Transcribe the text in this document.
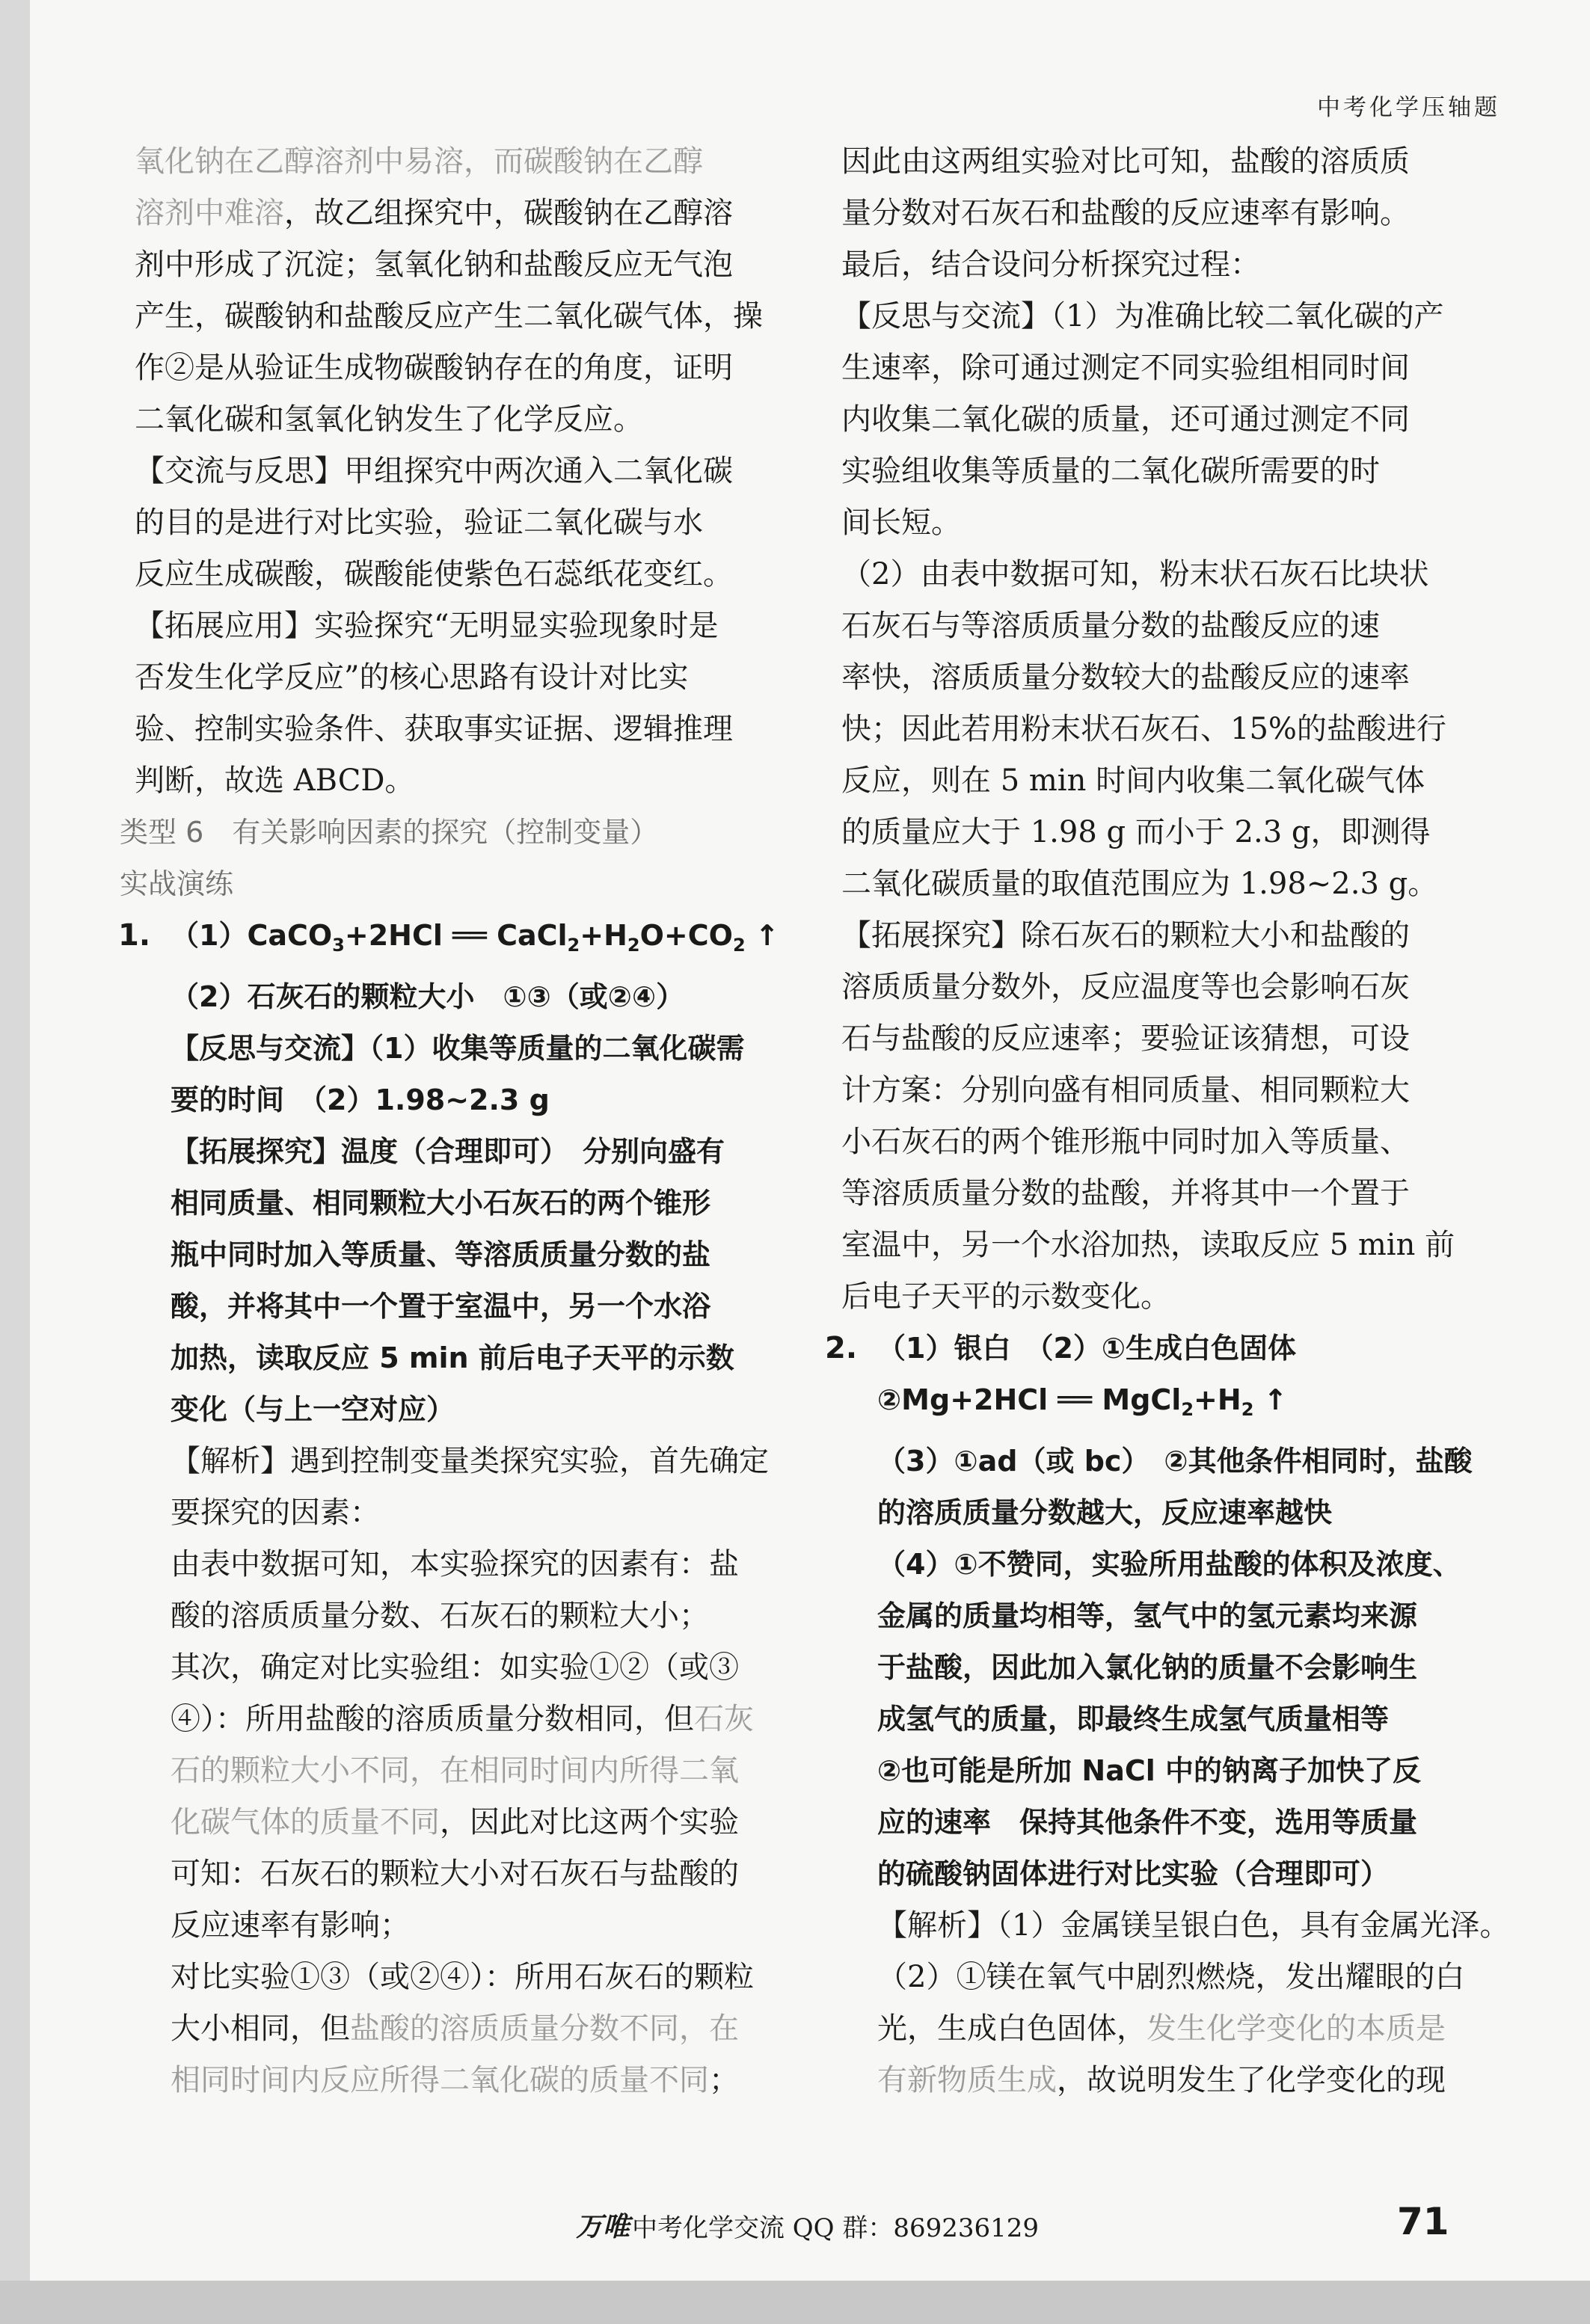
中考化学压轴题

氧化钠在乙醇溶剂中易溶，而碳酸钠在乙醇

溶剂中难溶，故乙组探究中，碳酸钠在乙醇溶

剂中形成了沉淀；氢氧化钠和盐酸反应无气泡

产生，碳酸钠和盐酸反应产生二氧化碳气体，操

作②是从验证生成物碳酸钠存在的角度，证明

二氧化碳和氢氧化钠发生了化学反应。

【交流与反思】甲组探究中两次通入二氧化碳

的目的是进行对比实验，验证二氧化碳与水

反应生成碳酸，碳酸能使紫色石蕊纸花变红。

【拓展应用】实验探究“无明显实验现象时是

否发生化学反应”的核心思路有设计对比实

验、控制实验条件、获取事实证据、逻辑推理

判断，故选 ABCD。

类型 6　有关影响因素的探究（控制变量）

实战演练

1. （1）CaCO$_3$+2HCl ══ $CaCl_2+H_2O+CO_2$ ↑

（2）石灰石的颗粒大小　①③（或②④）

【反思与交流】（1）收集等质量的二氧化碳需

要的时间　（2）1.98~2.3 g

【拓展探究】温度（合理即可）　分别向盛有

相同质量、相同颗粒大小石灰石的两个锥形

瓶中同时加入等质量、等溶质质量分数的盐

酸，并将其中一个置于室温中，另一个水浴

加热，读取反应 5 min 前后电子天平的示数

变化（与上一空对应）

【解析】遇到控制变量类探究实验，首先确定

要探究的因素：

由表中数据可知，本实验探究的因素有：盐

酸的溶质质量分数、石灰石的颗粒大小；

其次，确定对比实验组：如实验①②（或③

④）：所用盐酸的溶质质量分数相同，但石灰

石的颗粒大小不同，在相同时间内所得二氧

化碳气体的质量不同，因此对比这两个实验

可知：石灰石的颗粒大小对石灰石与盐酸的

反应速率有影响；

对比实验①③（或②④）：所用石灰石的颗粒

大小相同，但盐酸的溶质质量分数不同，在

相同时间内反应所得二氧化碳的质量不同；

因此由这两组实验对比可知，盐酸的溶质质

量分数对石灰石和盐酸的反应速率有影响。

最后，结合设问分析探究过程：

【反思与交流】（1）为准确比较二氧化碳的产

生速率，除可通过测定不同实验组相同时间

内收集二氧化碳的质量，还可通过测定不同

实验组收集等质量的二氧化碳所需要的时

间长短。

（2）由表中数据可知，粉末状石灰石比块状

石灰石与等溶质质量分数的盐酸反应的速

率快，溶质质量分数较大的盐酸反应的速率

快；因此若用粉末状石灰石、15%的盐酸进行

反应，则在 5 min 时间内收集二氧化碳气体

的质量应大于 1.98 g 而小于 2.3 g，即测得

二氧化碳质量的取值范围应为 1.98~2.3 g。

【拓展探究】除石灰石的颗粒大小和盐酸的

溶质质量分数外，反应温度等也会影响石灰

石与盐酸的反应速率；要验证该猜想，可设

计方案：分别向盛有相同质量、相同颗粒大

小石灰石的两个锥形瓶中同时加入等质量、

等溶质质量分数的盐酸，并将其中一个置于

室温中，另一个水浴加热，读取反应 5 min 前

后电子天平的示数变化。

2. （1）银白　（2）①生成白色固体

②Mg+2HCl ══ $MgCl_2+H_2$ ↑

（3）①ad（或 bc）　②其他条件相同时，盐酸

的溶质质量分数越大，反应速率越快

（4）①不赞同，实验所用盐酸的体积及浓度、

金属的质量均相等，氢气中的氢元素均来源

于盐酸，因此加入氯化钠的质量不会影响生

成氢气的质量，即最终生成氢气质量相等

②也可能是所加 NaCl 中的钠离子加快了反

应的速率　保持其他条件不变，选用等质量

的硫酸钠固体进行对比实验（合理即可）

【解析】（1）金属镁呈银白色，具有金属光泽。

（2）①镁在氧气中剧烈燃烧，发出耀眼的白

光，生成白色固体，发生化学变化的本质是

有新物质生成，故说明发生了化学变化的现

万唯 中考化学交流 QQ 群：869236129	71
